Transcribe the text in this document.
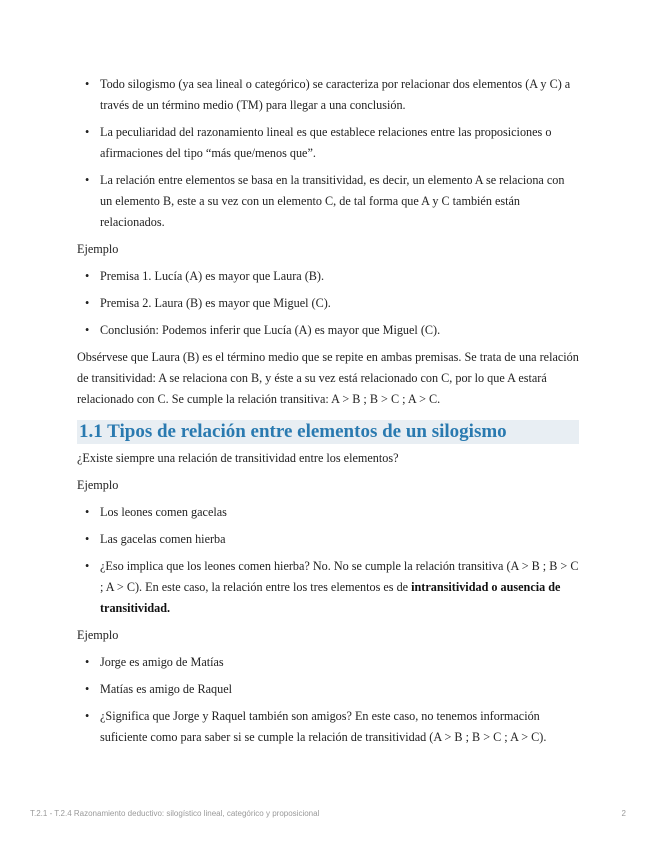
• Todo silogismo (ya sea lineal o categórico) se caracteriza por relacionar dos elementos (A y C) a través de un término medio (TM) para llegar a una conclusión.
• La peculiaridad del razonamiento lineal es que establece relaciones entre las proposiciones o afirmaciones del tipo “más que/menos que”.
• La relación entre elementos se basa en la transitividad, es decir, un elemento A se relaciona con un elemento B, este a su vez con un elemento C, de tal forma que A y C también están relacionados.

Ejemplo

• Premisa 1. Lucía (A) es mayor que Laura (B).
• Premisa 2. Laura (B) es mayor que Miguel (C).
• Conclusión: Podemos inferir que Lucía (A) es mayor que Miguel (C).

Obsérvese que Laura (B) es el término medio que se repite en ambas premisas. Se trata de una relación de transitividad: A se relaciona con B, y éste a su vez está relacionado con C, por lo que A estará relacionado con C. Se cumple la relación transitiva: A > B ; B > C ; A > C.

1.1 Tipos de relación entre elementos de un silogismo

¿Existe siempre una relación de transitividad entre los elementos?

Ejemplo

• Los leones comen gacelas
• Las gacelas comen hierba
• ¿Eso implica que los leones comen hierba? No. No se cumple la relación transitiva (A > B ; B > C ; A > C). En este caso, la relación entre los tres elementos es de intransitividad o ausencia de transitividad.

Ejemplo

• Jorge es amigo de Matías
• Matías es amigo de Raquel
• ¿Significa que Jorge y Raquel también son amigos? En este caso, no tenemos información suficiente como para saber si se cumple la relación de transitividad (A > B ; B > C ; A > C).
T.2.1 - T.2.4 Razonamiento deductivo: silogístico lineal, categórico y proposicional	2
